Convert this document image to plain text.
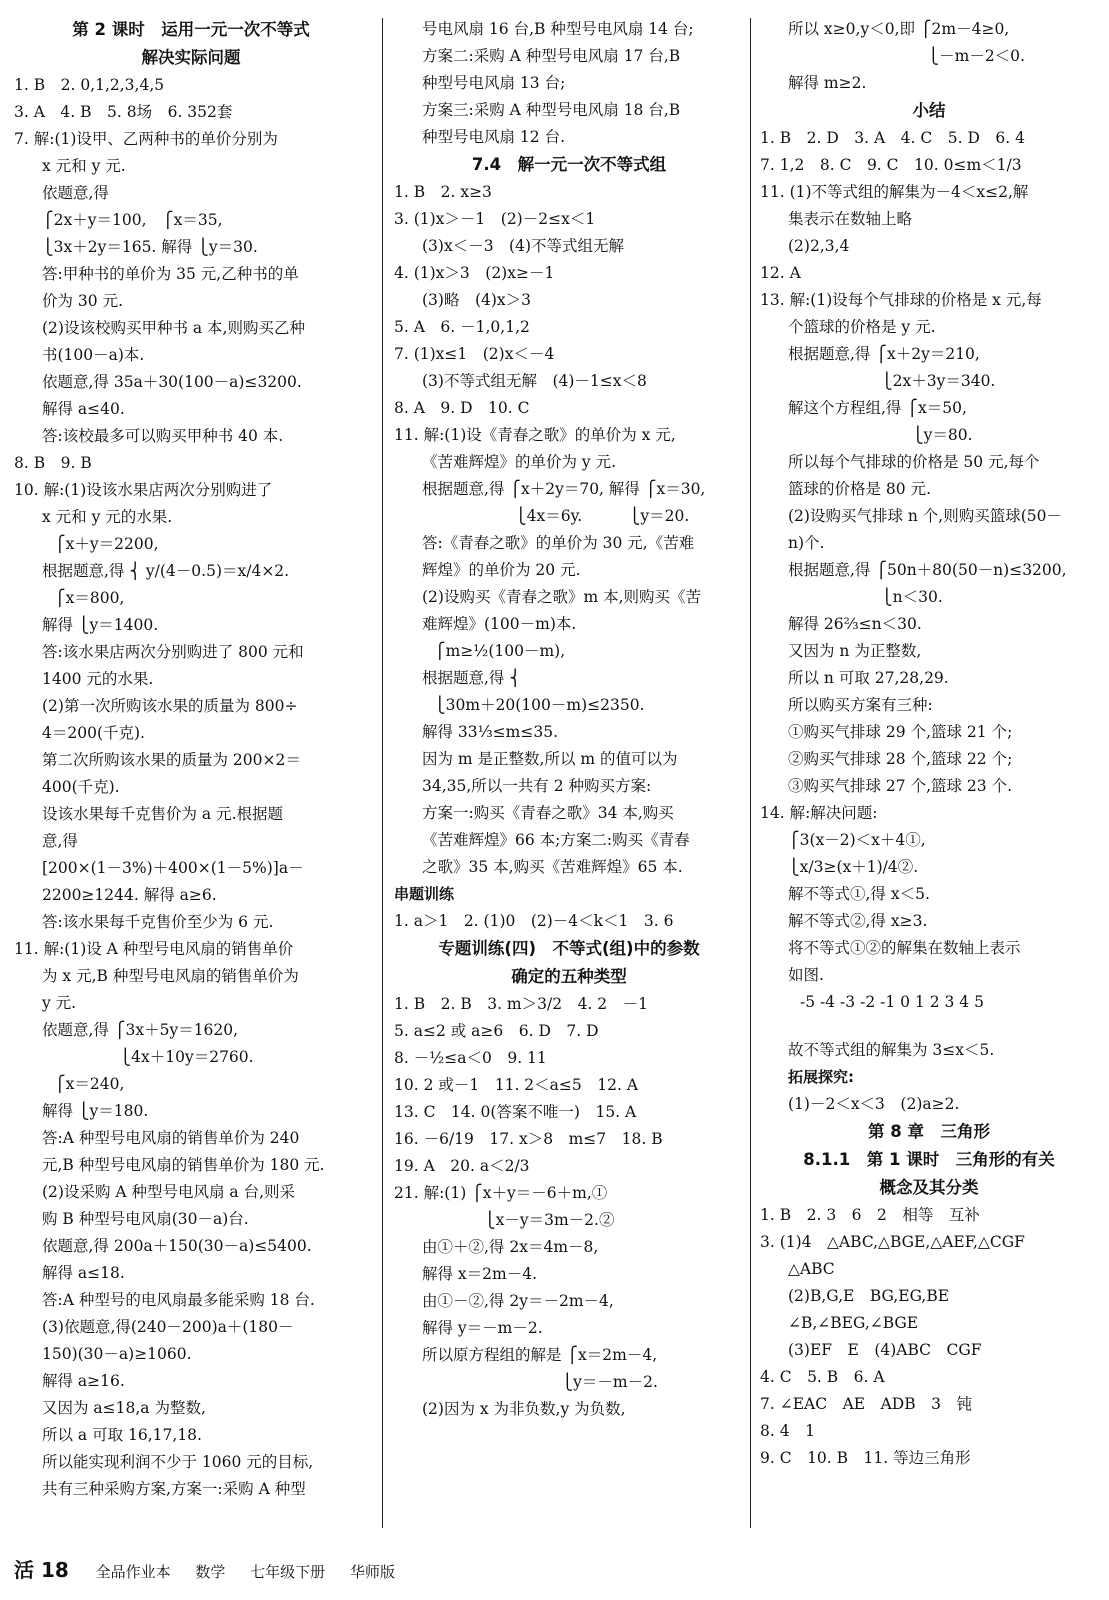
第 2 课时　运用一元一次不等式
解决实际问题
1. B　2. 0,1,2,3,4,5
3. A　4. B　5. 8场　6. 352套
7. 解:(1)设甲、乙两种书的单价分别为
x 元和 y 元.
依题意,得
⎧2x＋y＝100,　⎧x＝35,
⎩3x＋2y＝165. 解得 ⎩y＝30.
答:甲种书的单价为 35 元,乙种书的单
价为 30 元.
(2)设该校购买甲种书 a 本,则购买乙种
书(100－a)本.
依题意,得 35a＋30(100－a)≤3200.
解得 a≤40.
答:该校最多可以购买甲种书 40 本.
8. B　9. B
10. 解:(1)设该水果店两次分别购进了
x 元和 y 元的水果.
⎧x＋y＝2200,
根据题意,得 ⎨ y/(4－0.5)＝x/4×2.
⎧x＝800,
解得 ⎩y＝1400.
答:该水果店两次分别购进了 800 元和
1400 元的水果.
(2)第一次所购该水果的质量为 800÷
4＝200(千克).
第二次所购该水果的质量为 200×2＝
400(千克).
设该水果每千克售价为 a 元.根据题
意,得
[200×(1－3%)＋400×(1－5%)]a－
2200≥1244. 解得 a≥6.
答:该水果每千克售价至少为 6 元.
11. 解:(1)设 A 种型号电风扇的销售单价
为 x 元,B 种型号电风扇的销售单价为
y 元.
依题意,得 ⎧3x＋5y＝1620,
　　　　　⎩4x＋10y＝2760.
⎧x＝240,
解得 ⎩y＝180.
答:A 种型号电风扇的销售单价为 240
元,B 种型号电风扇的销售单价为 180 元.
(2)设采购 A 种型号电风扇 a 台,则采
购 B 种型号电风扇(30－a)台.
依题意,得 200a＋150(30－a)≤5400.
解得 a≤18.
答:A 种型号的电风扇最多能采购 18 台.
(3)依题意,得(240－200)a＋(180－
150)(30－a)≥1060.
解得 a≥16.
又因为 a≤18,a 为整数,
所以 a 可取 16,17,18.
所以能实现利润不少于 1060 元的目标,
共有三种采购方案,方案一:采购 A 种型
号电风扇 16 台,B 种型号电风扇 14 台;
方案二:采购 A 种型号电风扇 17 台,B
种型号电风扇 13 台;
方案三:采购 A 种型号电风扇 18 台,B
种型号电风扇 12 台.
7.4　解一元一次不等式组
1. B　2. x≥3
3. (1)x＞－1　(2)－2≤x＜1
(3)x＜－3　(4)不等式组无解
4. (1)x＞3　(2)x≥－1
(3)略　(4)x＞3
5. A　6. －1,0,1,2
7. (1)x≤1　(2)x＜－4
(3)不等式组无解　(4)－1≤x＜8
8. A　9. D　10. C
11. 解:(1)设《青春之歌》的单价为 x 元,
《苦难辉煌》的单价为 y 元.
根据题意,得 ⎧x＋2y＝70, 解得 ⎧x＝30,
　　　　　　⎩4x＝6y.　　　⎩y＝20.
答:《青春之歌》的单价为 30 元,《苦难
辉煌》的单价为 20 元.
(2)设购买《青春之歌》m 本,则购买《苦
难辉煌》(100－m)本.
⎧m≥½(100－m),
根据题意,得 ⎨
⎩30m＋20(100－m)≤2350.
解得 33⅓≤m≤35.
因为 m 是正整数,所以 m 的值可以为
34,35,所以一共有 2 种购买方案:
方案一:购买《青春之歌》34 本,购买
《苦难辉煌》66 本;方案二:购买《青春
之歌》35 本,购买《苦难辉煌》65 本.
串题训练
1. a＞1　2. (1)0　(2)－4＜k＜1　3. 6
专题训练(四)　不等式(组)中的参数
确定的五种类型
1. B　2. B　3. m＞3/2　4. 2　－1
5. a≤2 或 a≥6　6. D　7. D
8. －½≤a＜0　9. 11
10. 2 或－1　11. 2＜a≤5　12. A
13. C　14. 0(答案不唯一)　15. A
16. －6/19　17. x＞8　m≤7　18. B
19. A　20. a＜2/3
21. 解:(1) ⎧x＋y＝－6＋m,①
　　　　⎩x－y＝3m－2.②
由①＋②,得 2x＝4m－8,
解得 x＝2m－4.
由①－②,得 2y＝－2m－4,
解得 y＝－m－2.
所以原方程组的解是 ⎧x＝2m－4,
　　　　　　　　　⎩y＝－m－2.
(2)因为 x 为非负数,y 为负数,
所以 x≥0,y＜0,即 ⎧2m－4≥0,
　　　　　　　　　⎩－m－2＜0.
解得 m≥2.
小结
1. B　2. D　3. A　4. C　5. D　6. 4
7. 1,2　8. C　9. C　10. 0≤m＜1/3
11. (1)不等式组的解集为－4＜x≤2,解
集表示在数轴上略
(2)2,3,4
12. A
13. 解:(1)设每个气排球的价格是 x 元,每
个篮球的价格是 y 元.
根据题意,得 ⎧x＋2y＝210,
　　　　　　⎩2x＋3y＝340.
解这个方程组,得 ⎧x＝50,
　　　　　　　　⎩y＝80.
所以每个气排球的价格是 50 元,每个
篮球的价格是 80 元.
(2)设购买气排球 n 个,则购买篮球(50－
n)个.
根据题意,得 ⎧50n＋80(50－n)≤3200,
　　　　　　⎩n＜30.
解得 26⅔≤n＜30.
又因为 n 为正整数,
所以 n 可取 27,28,29.
所以购买方案有三种:
①购买气排球 29 个,篮球 21 个;
②购买气排球 28 个,篮球 22 个;
③购买气排球 27 个,篮球 23 个.
14. 解:解决问题:
⎧3(x－2)＜x＋4①,
⎩x/3≥(x＋1)/4②.
解不等式①,得 x＜5.
解不等式②,得 x≥3.
将不等式①②的解集在数轴上表示
如图.
-5 -4 -3 -2 -1 0 1 2 3 4 5
故不等式组的解集为 3≤x＜5.
拓展探究:
(1)－2＜x＜3　(2)a≥2.
第 8 章　三角形
8.1.1　第 1 课时　三角形的有关
概念及其分类
1. B　2. 3　6　2　相等　互补
3. (1)4　△ABC,△BGE,△AEF,△CGF
△ABC
(2)B,G,E　BG,EG,BE
∠B,∠BEG,∠BGE
(3)EF　E　(4)ABC　CGF
4. C　5. B　6. A
7. ∠EAC　AE　ADB　3　钝
8. 4　1
9. C　10. B　11. 等边三角形
活 18 全品作业本 数学 七年级下册 华师版
